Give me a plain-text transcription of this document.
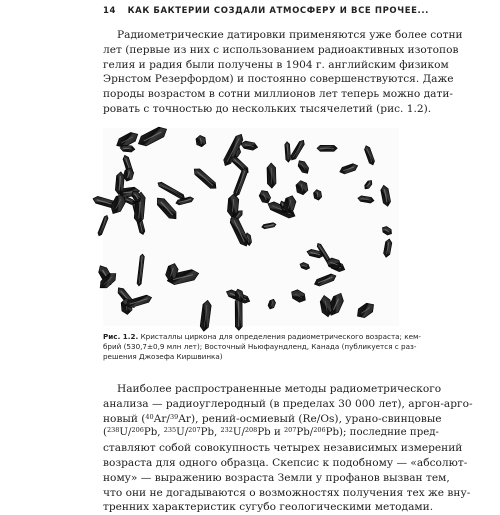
14 КАК БАКТЕРИИ СОЗДАЛИ АТМОСФЕРУ И ВСЕ ПРОЧЕЕ...
Радиометрические датировки применяются уже более сотни
лет (первые из них с использованием радиоактивных изотопов
гелия и радия были получены в 1904 г. английским физиком
Эрнстом Резерфордом) и постоянно совершенствуются. Даже
породы возрастом в сотни миллионов лет теперь можно дати-
ровать с точностью до нескольких тысячелетий (рис. 1.2).
Рис. 1.2. Кристаллы циркона для определения радиометрического возраста; кем-
брий (530,7±0,9 млн лет); Восточный Ньюфаундленд, Канада (публикуется с раз-
решения Джозефа Киршвинка)
Наиболее распространенные методы радиометрического
анализа — радиоуглеродный (в пределах 30 000 лет), аргон-арго-
новый ($^{40}$Ar/$^{39}$Ar), рений-осмиевый (Re/Os), урано-свинцовые
($^{238}$U/$^{206}$Pb, $^{235}$U/$^{207}$Pb, $^{232}$U/$^{208}$Pb и $^{207}$Pb/$^{206}$Pb); последние пред-
ставляют собой совокупность четырех независимых измерений
возраста для одного образца. Скепсис к подобному — «абсолют-
ному» — выражению возраста Земли у профанов вызван тем,
что они не догадываются о возможностях получения тех же вну-
тренних характеристик сугубо геологическими методами.
